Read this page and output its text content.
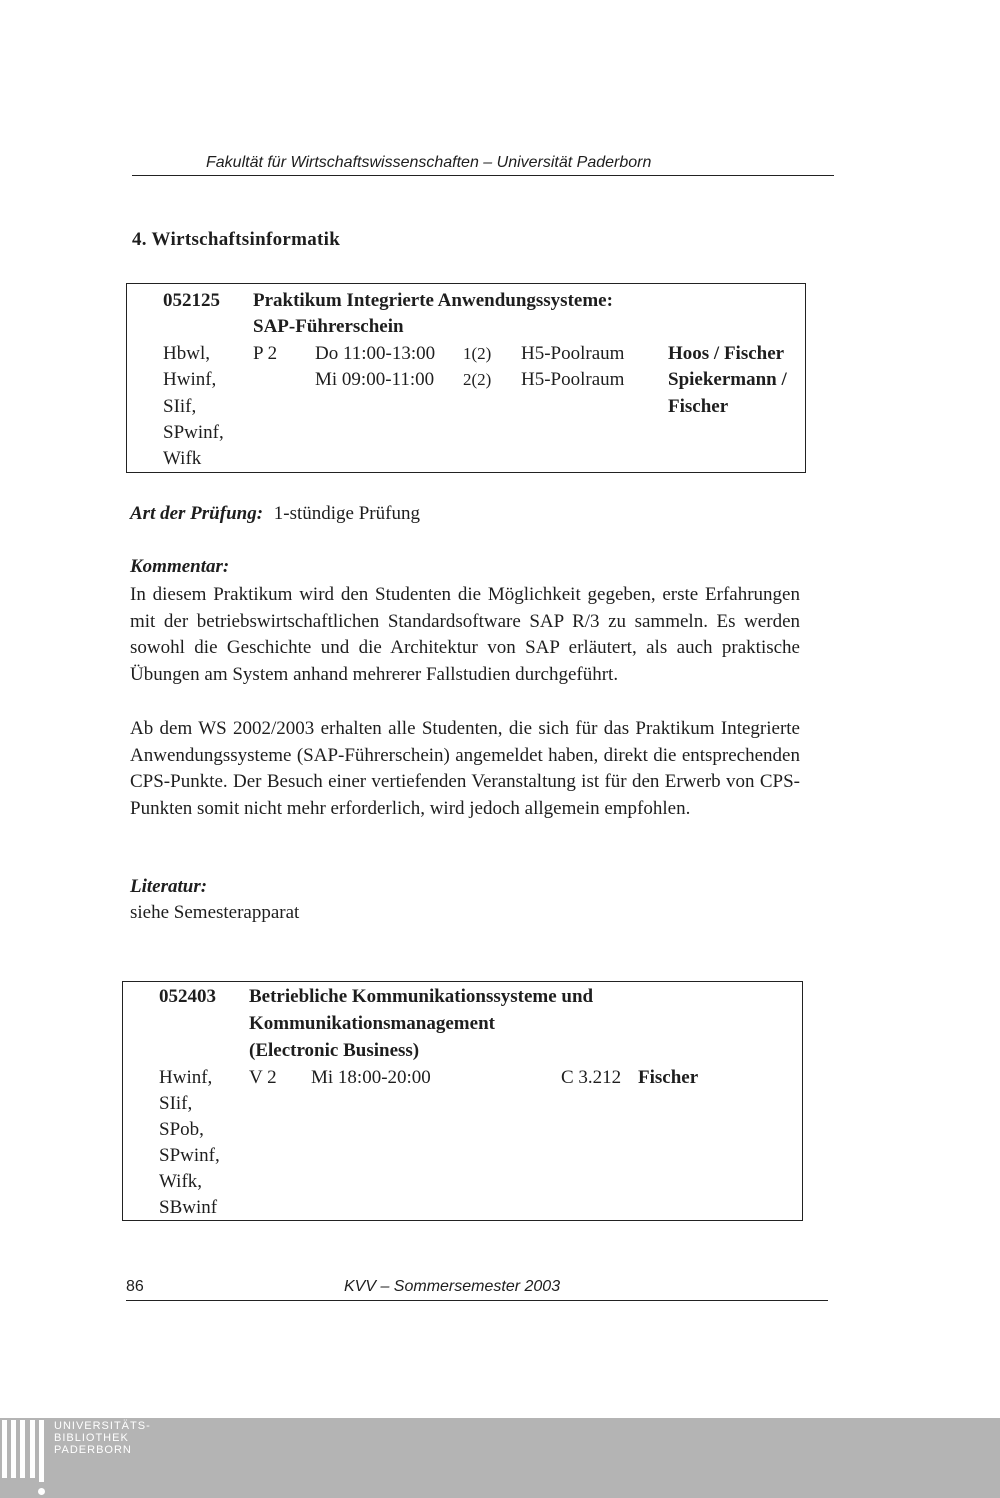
Fakultät für Wirtschaftswissenschaften – Universität Paderborn
4. Wirtschaftsinformatik
052125 Praktikum Integrierte Anwendungssysteme:
SAP-Führerschein
Hbwl,
Hwinf,
SIif,
SPwinf,
Wifk
P 2 Do 11:00-13:00 1(2) H5-Poolraum Hoos / Fischer
Mi 09:00-11:00 2(2) H5-Poolraum Spiekermann /
Fischer
Art der Prüfung: 1-stündige Prüfung
Kommentar:
In diesem Praktikum wird den Studenten die Möglichkeit gegeben, erste Erfahrungen mit der betriebswirtschaftlichen Standardsoftware SAP R/3 zu sammeln. Es werden sowohl die Geschichte und die Architektur von SAP erläutert, als auch praktische Übungen am System anhand mehrerer Fallstudien durchgeführt.
Ab dem WS 2002/2003 erhalten alle Studenten, die sich für das Praktikum Integrierte Anwendungssysteme (SAP-Führerschein) angemeldet haben, direkt die entsprechenden CPS-Punkte. Der Besuch einer vertiefenden Veranstaltung ist für den Erwerb von CPS-Punkten somit nicht mehr erforderlich, wird jedoch allgemein empfohlen.
Literatur:
siehe Semesterapparat
052403 Betriebliche Kommunikationssysteme und
Kommunikationsmanagement
(Electronic Business)
Hwinf,
SIif,
SPob,
SPwinf,
Wifk,
SBwinf
V 2 Mi 18:00-20:00	C 3.212 Fischer
86	KVV – Sommersemester 2003
UNIVERSITÄTS-
BIBLIOTHEK
PADERBORN
